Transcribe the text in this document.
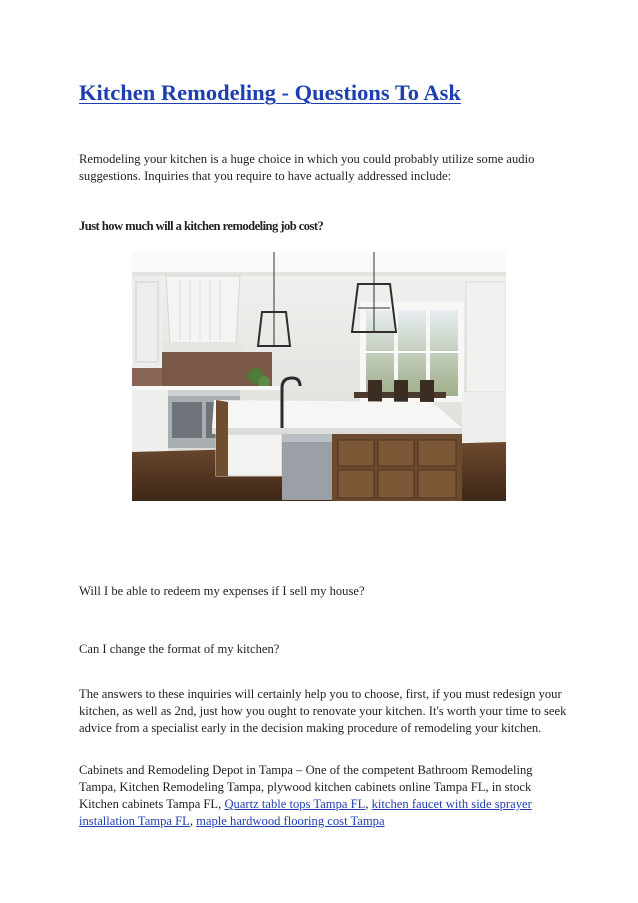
Kitchen Remodeling - Questions To Ask

Remodeling your kitchen is a huge choice in which you could probably utilize some audio suggestions. Inquiries that you require to have actually addressed include:

Just how much will a kitchen remodeling job cost?

Will I be able to redeem my expenses if I sell my house?

Can I change the format of my kitchen?

The answers to these inquiries will certainly help you to choose, first, if you must redesign your kitchen, as well as 2nd, just how you ought to renovate your kitchen. It's worth your time to seek advice from a specialist early in the decision making procedure of remodeling your kitchen.

Cabinets and Remodeling Depot in Tampa – One of the competent Bathroom Remodeling Tampa, Kitchen Remodeling Tampa, plywood kitchen cabinets online Tampa FL, in stock Kitchen cabinets Tampa FL, Quartz table tops Tampa FL, kitchen faucet with side sprayer installation Tampa FL, maple hardwood flooring cost Tampa
